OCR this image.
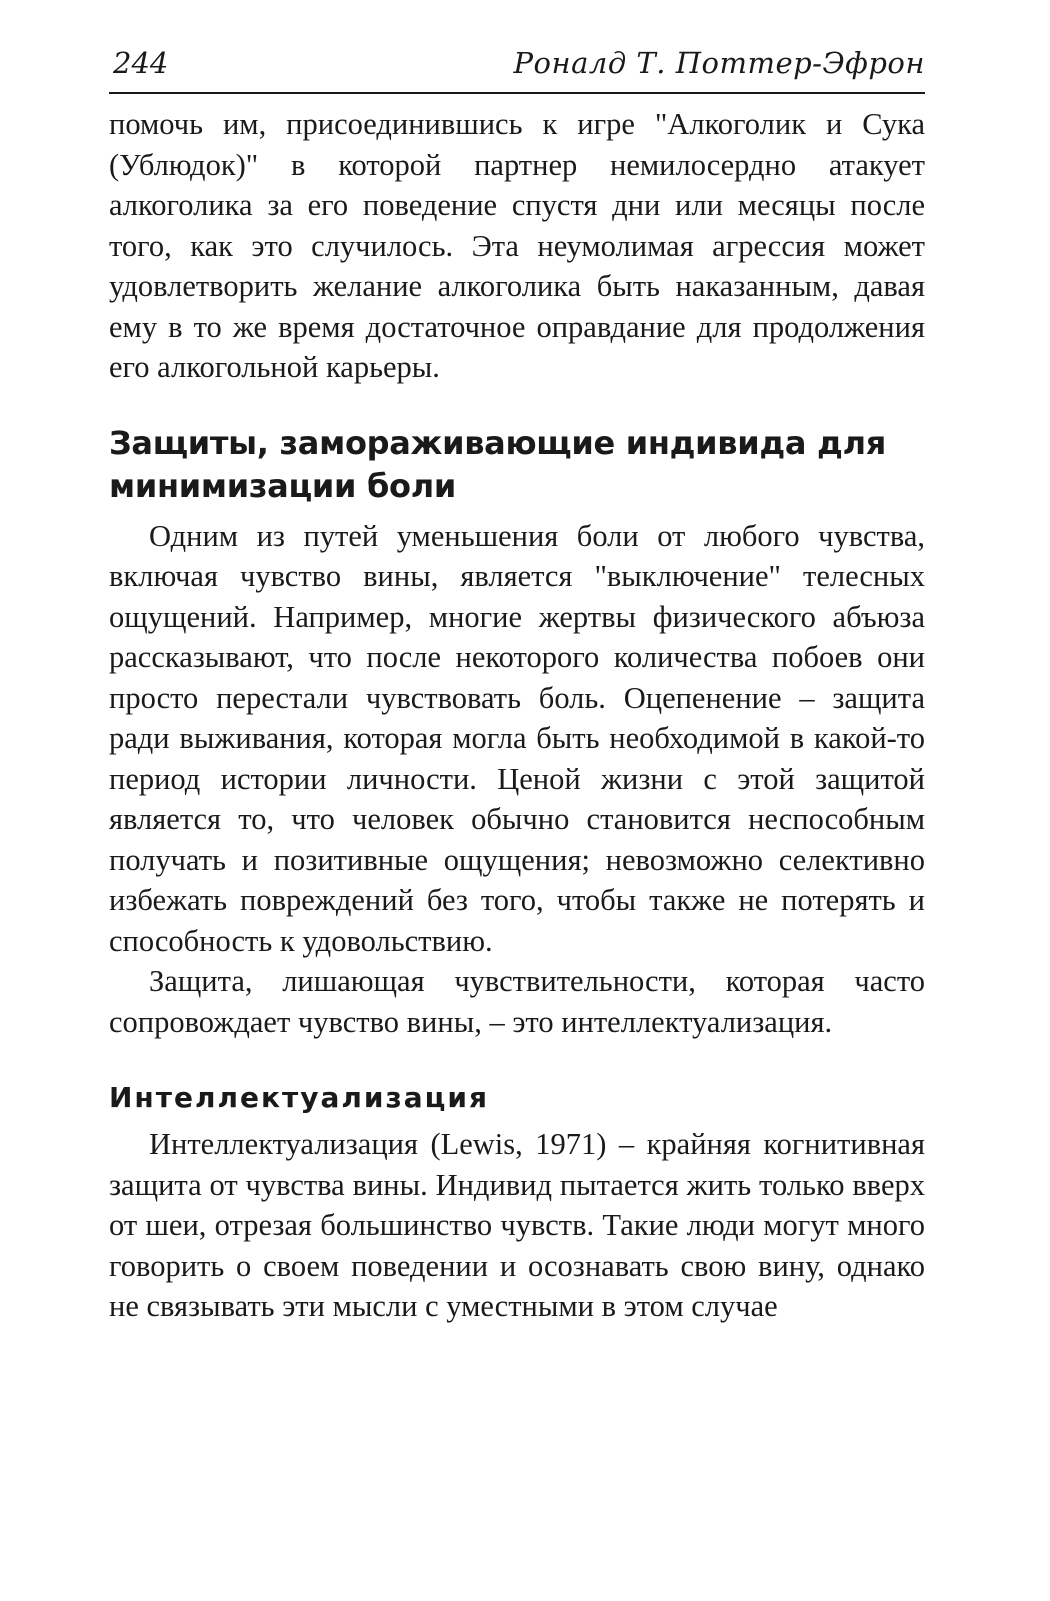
244	Роналд Т. Поттер-Эфрон

помочь им, присоединившись к игре "Алкоголик и Сука (Ублюдок)" в которой партнер немилосердно атакует алкоголика за его поведение спустя дни или месяцы после того, как это случилось. Эта неумолимая агрессия может удовлетворить желание алкоголика быть наказанным, давая ему в то же время достаточное оправдание для продолжения его алкогольной карьеры.

Защиты, замораживающие индивида для минимизации боли

Одним из путей уменьшения боли от любого чувства, включая чувство вины, является "выключение" телесных ощущений. Например, многие жертвы физического абъюза рассказывают, что после некоторого количества побоев они просто перестали чувствовать боль. Оцепенение – защита ради выживания, которая могла быть необходимой в какой-то период истории личности. Ценой жизни с этой защитой является то, что человек обычно становится неспособным получать и позитивные ощущения; невозможно селективно избежать повреждений без того, чтобы также не потерять и способность к удовольствию.

Защита, лишающая чувствительности, которая часто сопровождает чувство вины, – это интеллектуализация.

Интеллектуализация

Интеллектуализация (Lewis, 1971) – крайняя когнитивная защита от чувства вины. Индивид пытается жить только вверх от шеи, отрезая большинство чувств. Такие люди могут много говорить о своем поведении и осознавать свою вину, однако не связывать эти мысли с уместными в этом случае
